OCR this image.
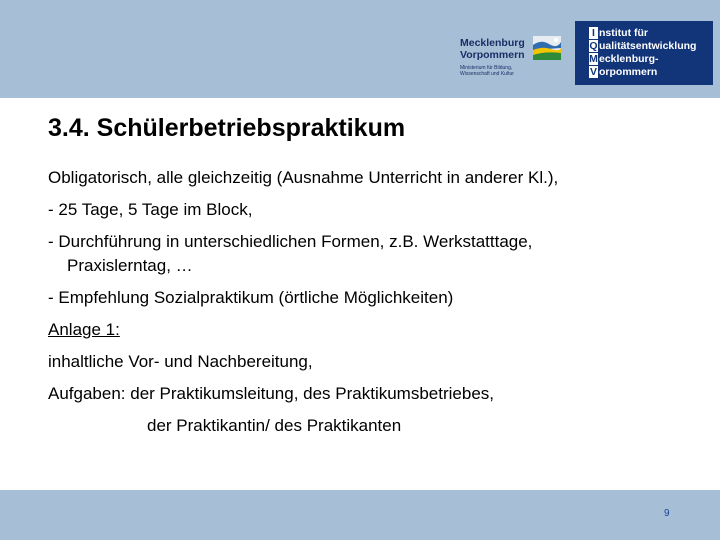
Mecklenburg
Vorpommern
Ministerium für Bildung,
Wissenschaft und Kultur
I nstitut für
Qualitätsentwicklung
Mecklenburg-
V orpommern
3.4. Schülerbetriebspraktikum

Obligatorisch, alle gleichzeitig (Ausnahme Unterricht in anderer Kl.),

- 25 Tage, 5 Tage im Block,

- Durchführung in unterschiedlichen Formen, z.B. Werkstatttage,

Praxislerntag, …

- Empfehlung Sozialpraktikum (örtliche Möglichkeiten)

Anlage 1:

inhaltliche Vor- und Nachbereitung,

Aufgaben: der Praktikumsleitung, des Praktikumsbetriebes,

der Praktikantin/ des Praktikanten

9
